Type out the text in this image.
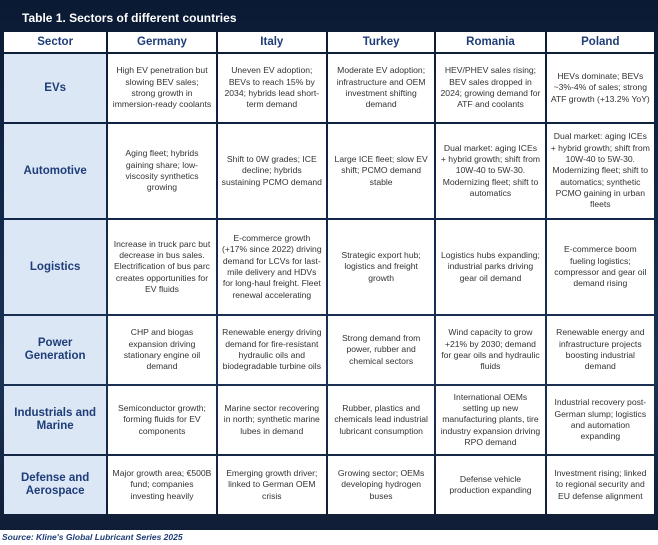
Table 1. Sectors of different countries
Sector	Germany	Italy	Turkey	Romania	Poland
EVs	High EV penetration but slowing BEV sales; strong growth in immersion-ready coolants	Uneven EV adoption; BEVs to reach 15% by 2034; hybrids lead short-term demand	Moderate EV adoption; infrastructure and OEM investment shifting demand	HEV/PHEV sales rising; BEV sales dropped in 2024; growing demand for ATF and coolants	HEVs dominate; BEVs ~3%-4% of sales; strong ATF growth (+13.2% YoY)
Automotive	Aging fleet; hybrids gaining share; low-viscosity synthetics growing	Shift to 0W grades; ICE decline; hybrids sustaining PCMO demand	Large ICE fleet; slow EV shift; PCMO demand stable	Dual market: aging ICEs + hybrid growth; shift from 10W-40 to 5W-30. Modernizing fleet; shift to automatics	Dual market: aging ICEs + hybrid growth; shift from 10W-40 to 5W-30. Modernizing fleet; shift to automatics; synthetic PCMO gaining in urban fleets
Logistics	Increase in truck parc but decrease in bus sales. Electrification of bus parc creates opportunities for EV fluids	E-commerce growth (+17% since 2022) driving demand for LCVs for last-mile delivery and HDVs for long-haul freight. Fleet renewal accelerating	Strategic export hub; logistics and freight growth	Logistics hubs expanding; industrial parks driving gear oil demand	E-commerce boom fueling logistics; compressor and gear oil demand rising
Power Generation	CHP and biogas expansion driving stationary engine oil demand	Renewable energy driving demand for fire-resistant hydraulic oils and biodegradable turbine oils	Strong demand from power, rubber and chemical sectors	Wind capacity to grow +21% by 2030; demand for gear oils and hydraulic fluids	Renewable energy and infrastructure projects boosting industrial demand
Industrials and Marine	Semiconductor growth; forming fluids for EV components	Marine sector recovering in north; synthetic marine lubes in demand	Rubber, plastics and chemicals lead industrial lubricant consumption	International OEMs setting up new manufacturing plants, tire industry expansion driving RPO demand	Industrial recovery post-German slump; logistics and automation expanding
Defense and Aerospace	Major growth area; €500B fund; companies investing heavily	Emerging growth driver; linked to German OEM crisis	Growing sector; OEMs developing hydrogen buses	Defense vehicle production expanding	Investment rising; linked to regional security and EU defense alignment
Source: Kline's Global Lubricant Series 2025
